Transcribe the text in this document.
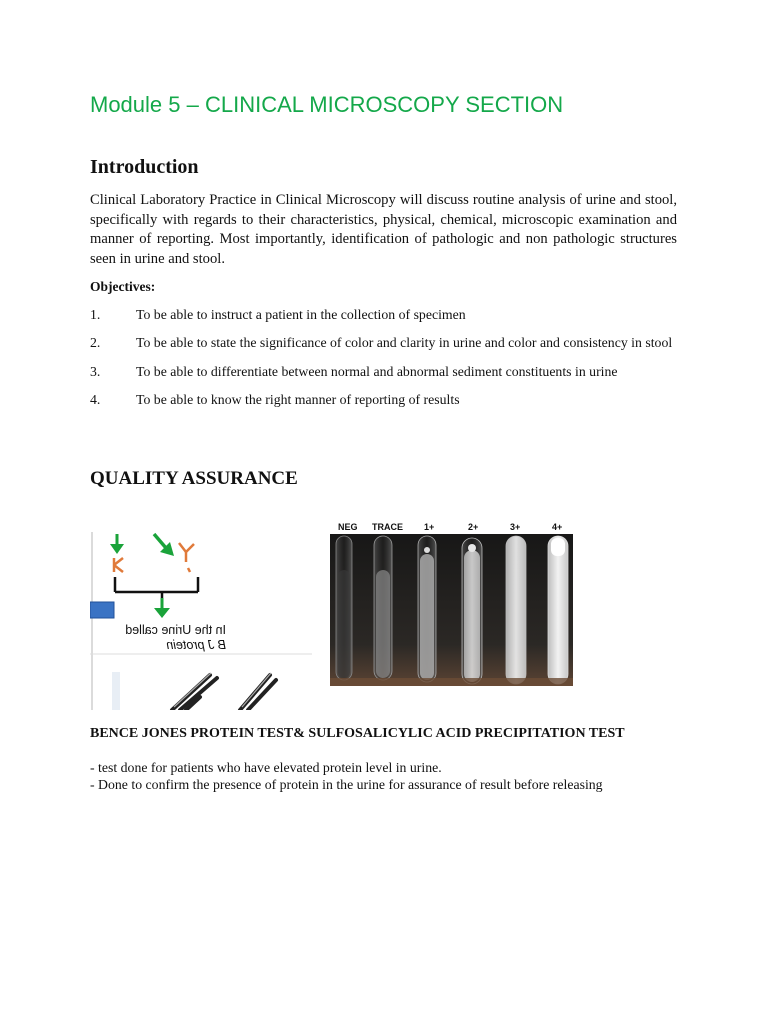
Module 5 – CLINICAL MICROSCOPY SECTION
Introduction

Clinical Laboratory Practice in Clinical Microscopy will discuss routine analysis of urine and stool, specifically with regards to their characteristics, physical, chemical, microscopic examination and manner of reporting. Most importantly, identification of pathologic and non pathologic structures seen in urine and stool.

Objectives:

1.	To be able to instruct a patient in the collection of specimen
2.	To be able to state the significance of color and clarity in urine and color and consistency in stool
3.	To be able to differentiate between normal and abnormal sediment constituents in urine
4.	To be able to know the right manner of reporting of results
QUALITY ASSURANCE
In the Urine called
B J protein
NEG TRACE 1+	2+	3+	4+
BENCE JONES PROTEIN TEST& SULFOSALICYLIC ACID PRECIPITATION TEST
- test done for patients who have elevated protein level in urine.
- Done to confirm the presence of protein in the urine for assurance of result before releasing
